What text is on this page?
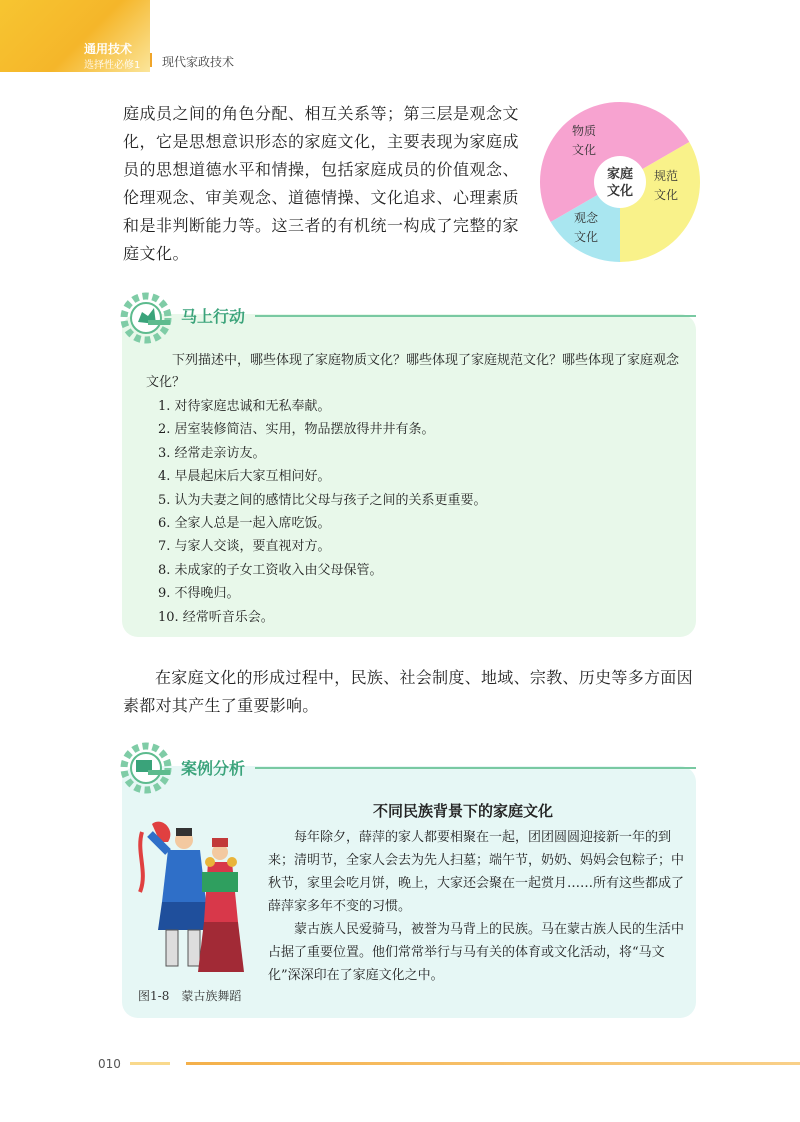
通用技术
选择性必修1 现代家政技术
庭成员之间的角色分配、相互关系等；第三层是观念文化，它是思想意识形态的家庭文化，主要表现为家庭成员的思想道德水平和情操，包括家庭成员的价值观念、伦理观念、审美观念、道德情操、文化追求、心理素质和是非判断能力等。这三者的有机统一构成了完整的家庭文化。
家庭
文化
物质
文化
规范
文化
观念
文化
马上行动
下列描述中，哪些体现了家庭物质文化？哪些体现了家庭规范文化？哪些体现了家庭观念文化？
1. 对待家庭忠诚和无私奉献。
2. 居室装修简洁、实用，物品摆放得井井有条。
3. 经常走亲访友。
4. 早晨起床后大家互相问好。
5. 认为夫妻之间的感情比父母与孩子之间的关系更重要。
6. 全家人总是一起入席吃饭。
7. 与家人交谈，要直视对方。
8. 未成家的子女工资收入由父母保管。
9. 不得晚归。
10. 经常听音乐会。
在家庭文化的形成过程中，民族、社会制度、地域、宗教、历史等多方面因素都对其产生了重要影响。
案例分析
不同民族背景下的家庭文化
每年除夕，薛萍的家人都要相聚在一起，团团圆圆迎接新一年的到来；清明节，全家人会去为先人扫墓；端午节，奶奶、妈妈会包粽子；中秋节，家里会吃月饼，晚上，大家还会聚在一起赏月……所有这些都成了薛萍家多年不变的习惯。
蒙古族人民爱骑马，被誉为马背上的民族。马在蒙古族人民的生活中占据了重要位置。他们常常举行与马有关的体育或文化活动，将“马文化”深深印在了家庭文化之中。
图1-8　蒙古族舞蹈
010
